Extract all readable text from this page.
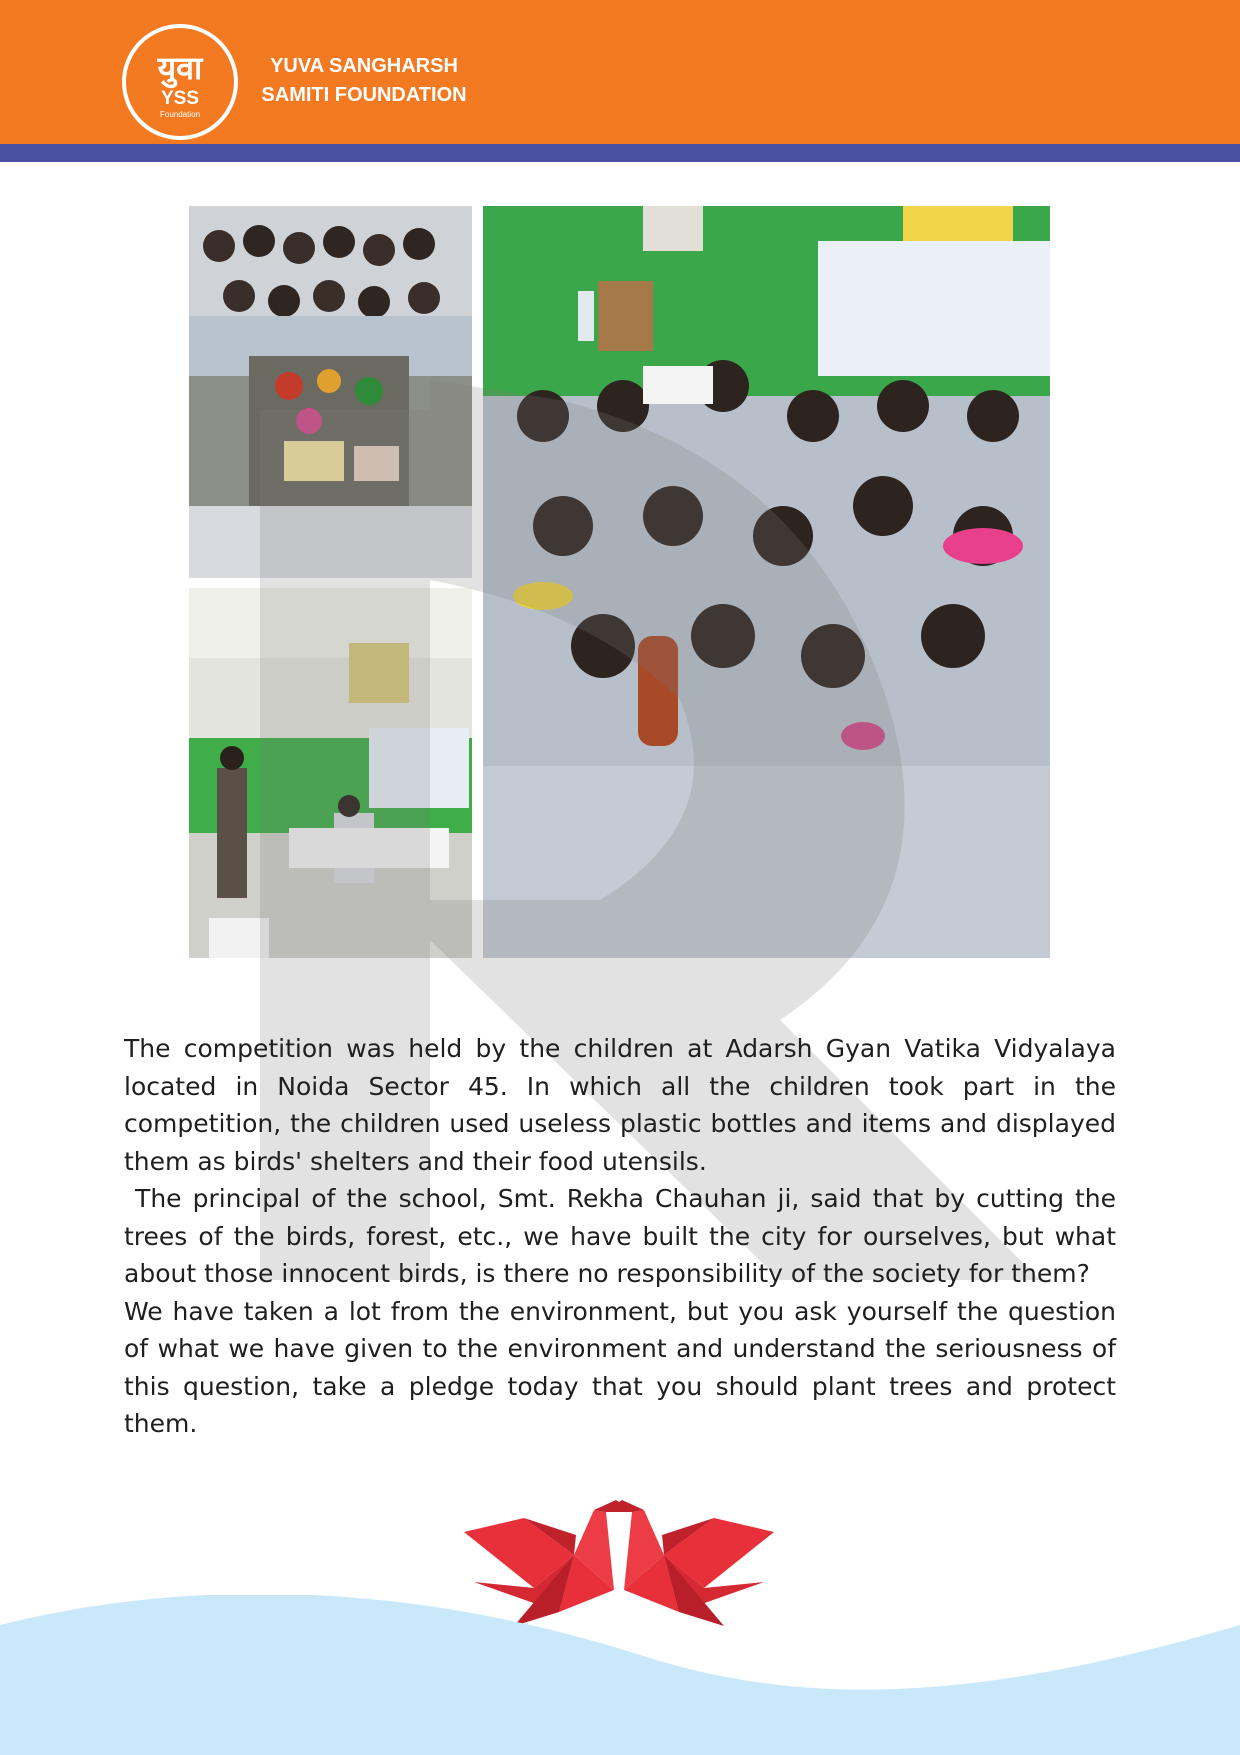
युवा
YSS
Foundation
YUVA SANGHARSH
SAMITI FOUNDATION

The competition was held by the children at Adarsh Gyan Vatika Vidyalaya located in Noida Sector 45. In which all the children took part in the competition, the children used useless plastic bottles and items and displayed them as birds' shelters and their food utensils.

The principal of the school, Smt. Rekha Chauhan ji, said that by cutting the trees of the birds, forest, etc., we have built the city for ourselves, but what about those innocent birds, is there no responsibility of the society for them?

We have taken a lot from the environment, but you ask yourself the question of what we have given to the environment and understand the seriousness of this question, take a pledge today that you should plant trees and protect them.
